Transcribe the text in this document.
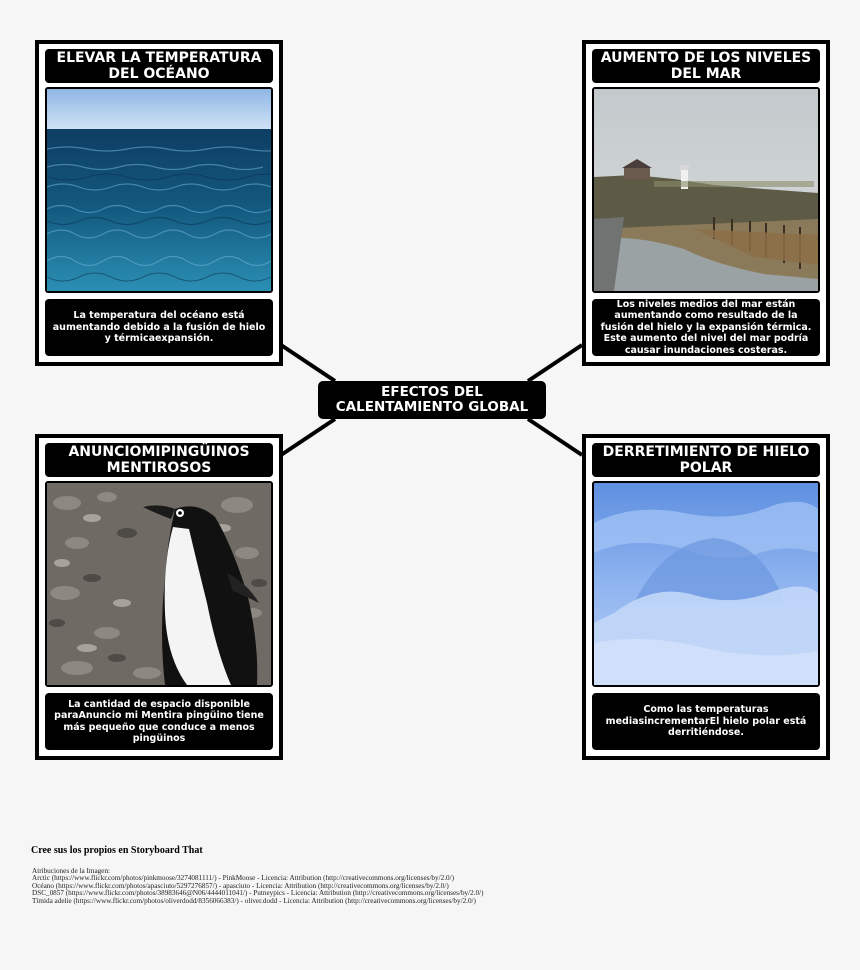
EFECTOS DEL CALENTAMIENTO GLOBAL
ELEVAR LA TEMPERATURA DEL OCÉANO
La temperatura del océano está aumentando debido a la fusión de hielo y térmicaexpansión.
AUMENTO DE LOS NIVELES DEL MAR
Los niveles medios del mar están aumentando como resultado de la fusión del hielo y la expansión térmica. Este aumento del nivel del mar podría causar inundaciones costeras.
ANUNCIOMIPINGÜINOS MENTIROSOS
La cantidad de espacio disponible paraAnuncio mi Mentira pingüino tiene más pequeño que conduce a menos pingüinos
DERRETIMIENTO DE HIELO POLAR
Como las temperaturas mediasincrementarEl hielo polar está derritiéndose.
Cree sus los propios en Storyboard That
Atribuciones de la Imagen:
Arctic (https://www.flickr.com/photos/pinkmoose/3274081111/) - PinkMoose - Licencia: Attribution (http://creativecommons.org/licenses/by/2.0/)
Océano (https://www.flickr.com/photos/apasciuto/5297276857/) - apasciuto - Licencia: Attribution (http://creativecommons.org/licenses/by/2.0/)
DSC_0857 (https://www.flickr.com/photos/38983646@N06/4444011041/) - Putneypics - Licencia: Attribution (http://creativecommons.org/licenses/by/2.0/)
Tímida adelie (https://www.flickr.com/photos/oliverdodd/8356066383/) - oliver.dodd - Licencia: Attribution (http://creativecommons.org/licenses/by/2.0/)
